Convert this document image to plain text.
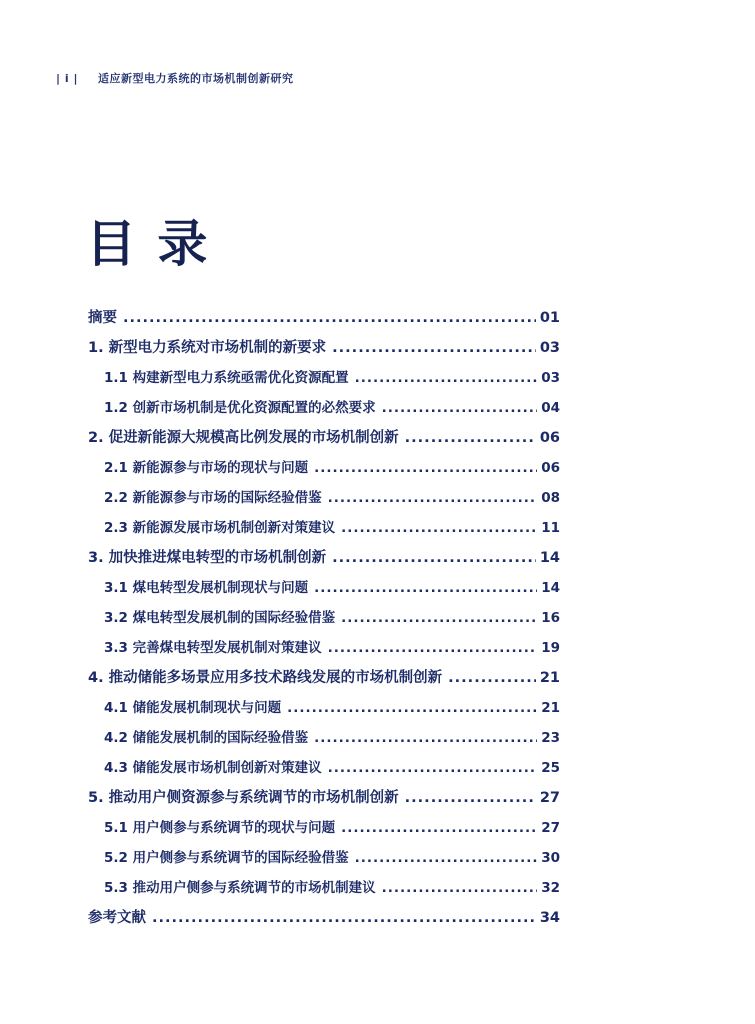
| i | 适应新型电力系统的市场机制创新研究
目 录
摘要 .....	01
1. 新型电力系统对市场机制的新要求 .....	03
1.1 构建新型电力系统亟需优化资源配置 .....	03
1.2 创新市场机制是优化资源配置的必然要求 .....	04
2. 促进新能源大规模高比例发展的市场机制创新 .....	06
2.1 新能源参与市场的现状与问题 .....	06
2.2 新能源参与市场的国际经验借鉴 .....	08
2.3 新能源发展市场机制创新对策建议 .....	11
3. 加快推进煤电转型的市场机制创新 .....	14
3.1 煤电转型发展机制现状与问题 .....	14
3.2 煤电转型发展机制的国际经验借鉴 .....	16
3.3 完善煤电转型发展机制对策建议 .....	19
4. 推动储能多场景应用多技术路线发展的市场机制创新 .....	21
4.1 储能发展机制现状与问题 .....	21
4.2 储能发展机制的国际经验借鉴 .....	23
4.3 储能发展市场机制创新对策建议 .....	25
5. 推动用户侧资源参与系统调节的市场机制创新 .....	27
5.1 用户侧参与系统调节的现状与问题 .....	27
5.2 用户侧参与系统调节的国际经验借鉴 .....	30
5.3 推动用户侧参与系统调节的市场机制建议 .....	32
参考文献 .....	34
